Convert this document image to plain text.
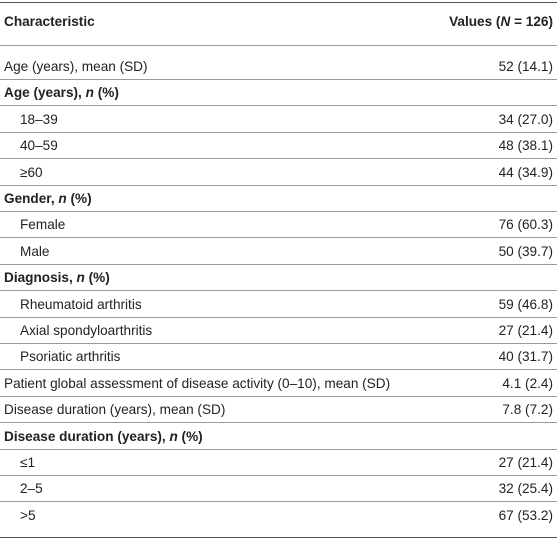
Characteristic	Values (N = 126)
Age (years), mean (SD)	52 (14.1)
Age (years), n (%)
18–39	34 (27.0)
40–59	48 (38.1)
≥60	44 (34.9)
Gender, n (%)
Female	76 (60.3)
Male	50 (39.7)
Diagnosis, n (%)
Rheumatoid arthritis	59 (46.8)
Axial spondyloarthritis	27 (21.4)
Psoriatic arthritis	40 (31.7)
Patient global assessment of disease activity (0–10), mean (SD)	4.1 (2.4)
Disease duration (years), mean (SD)	7.8 (7.2)
Disease duration (years), n (%)
≤1	27 (21.4)
2–5	32 (25.4)
>5	67 (53.2)
